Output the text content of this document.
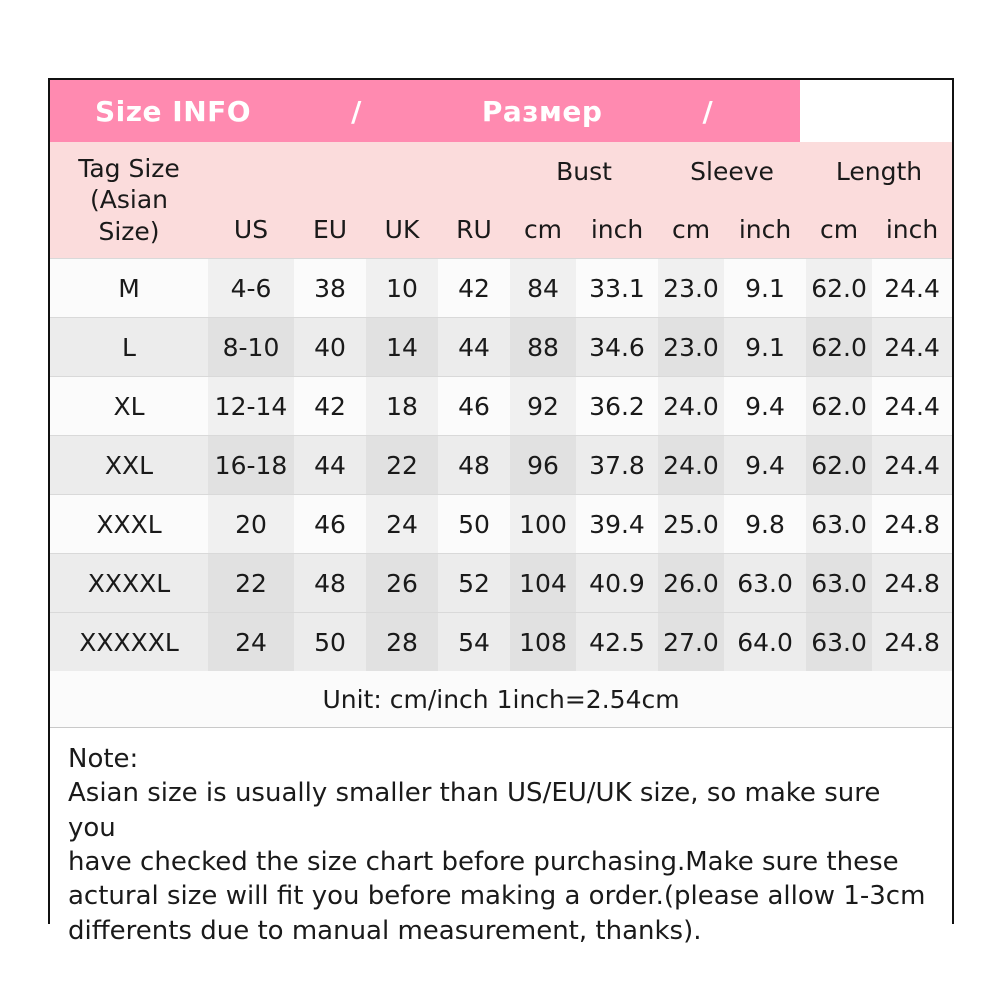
Size INFO	/	Размер	/
Tag Size
(Asian
Size)					Bust		Sleeve		Length	
	US	EU	UK	RU	cm	inch	cm	inch	cm	inch
M	4-6	38	10	42	84	33.1	23.0	9.1	62.0	24.4
L	8-10	40	14	44	88	34.6	23.0	9.1	62.0	24.4
XL	12-14	42	18	46	92	36.2	24.0	9.4	62.0	24.4
XXL	16-18	44	22	48	96	37.8	24.0	9.4	62.0	24.4
XXXL	20	46	24	50	100	39.4	25.0	9.8	63.0	24.8
XXXXL	22	48	26	52	104	40.9	26.0	63.0	63.0	24.8
XXXXXL	24	50	28	54	108	42.5	27.0	64.0	63.0	24.8
Unit: cm/inch 1inch=2.54cm										
Note:
Asian size is usually smaller than US/EU/UK size, so make sure you
have checked the size chart before purchasing.Make sure these
actural size will fit you before making a order.(please allow 1-3cm
differents due to manual measurement, thanks).
